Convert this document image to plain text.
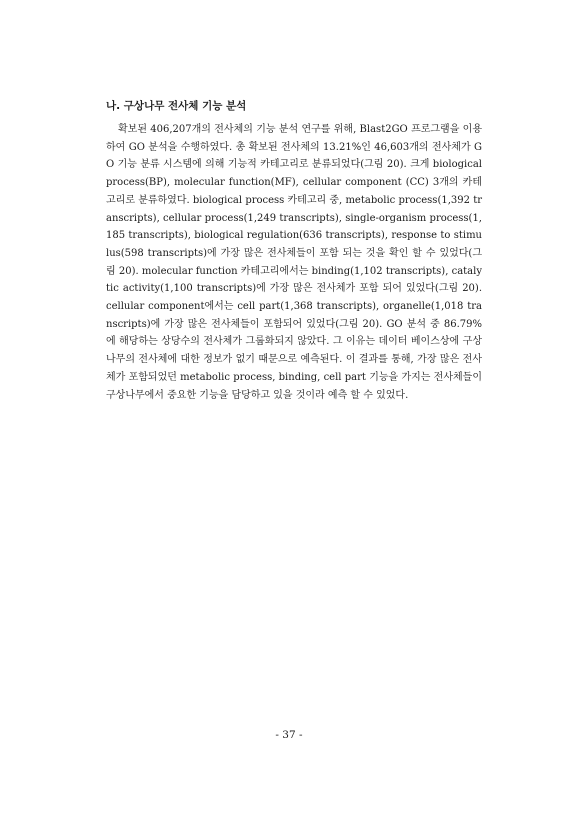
나. 구상나무 전사체 기능 분석

확보된 406,207개의 전사체의 기능 분석 연구를 위해, Blast2GO 프로그램을 이용하여 GO 분석을 수행하였다. 총 확보된 전사체의 13.21%인 46,603개의 전사체가 GO 기능 분류 시스템에 의해 기능적 카테고리로 분류되었다(그림 20). 크게 biological process(BP), molecular function(MF), cellular component (CC) 3개의 카테고리로 분류하였다. biological process 카테고리 중, metabolic process(1,392 transcripts), cellular process(1,249 transcripts), single-organism process(1,185 transcripts), biological regulation(636 transcripts), response to stimulus(598 transcripts)에 가장 많은 전사체들이 포함 되는 것을 확인 할 수 있었다(그림 20). molecular function 카테고리에서는 binding(1,102 transcripts), catalytic activity(1,100 transcripts)에 가장 많은 전사체가 포함 되어 있었다(그림 20). cellular component에서는 cell part(1,368 transcripts), organelle(1,018 transcripts)에 가장 많은 전사체들이 포함되어 있었다(그림 20). GO 분석 중 86.79%에 해당하는 상당수의 전사체가 그룹화되지 않았다. 그 이유는 데이터 베이스상에 구상나무의 전사체에 대한 정보가 없기 때문으로 예측된다. 이 결과를 통해, 가장 많은 전사체가 포함되었던 metabolic process, binding, cell part 기능을 가지는 전사체들이 구상나무에서 중요한 기능을 담당하고 있을 것이라 예측 할 수 있었다.

- 37 -
